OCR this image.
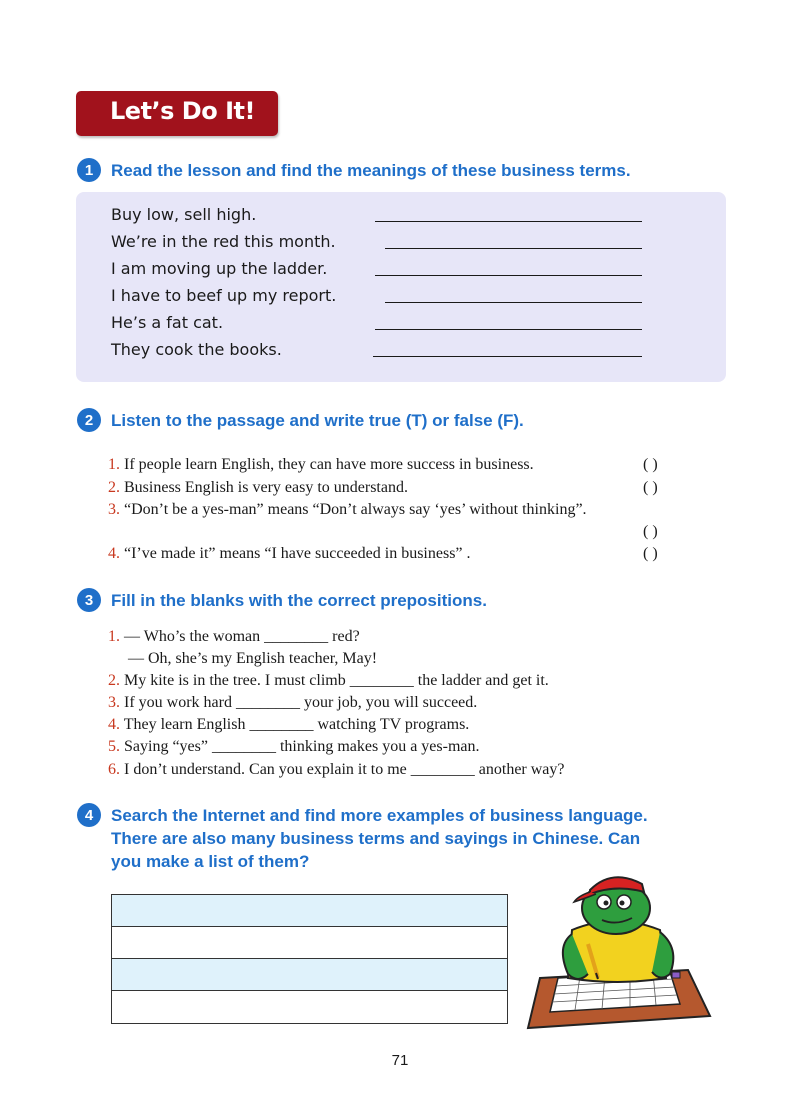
Let’s Do It!
1	Read the lesson and find the meanings of these business terms.
Buy low, sell high.
We’re in the red this month.
I am moving up the ladder.
I have to beef up my report.
He’s a fat cat.
They cook the books.
2	Listen to the passage and write true (T) or false (F).
1. If people learn English, they can have more success in business.	( )
2. Business English is very easy to understand.	( )
3. “Don’t be a yes-man” means “Don’t always say ‘yes’ without thinking”.
( )
4. “I’ve made it” means “I have succeeded in business” .	( )
3	Fill in the blanks with the correct prepositions.
1. — Who’s the woman ________ red?
— Oh, she’s my English teacher, May!
2. My kite is in the tree. I must climb ________ the ladder and get it.
3. If you work hard ________ your job, you will succeed.
4. They learn English ________ watching TV programs.
5. Saying “yes” ________ thinking makes you a yes-man.
6. I don’t understand. Can you explain it to me ________ another way?
4	Search the Internet and find more examples of business language.
There are also many business terms and sayings in Chinese. Can
you make a list of them?
71
